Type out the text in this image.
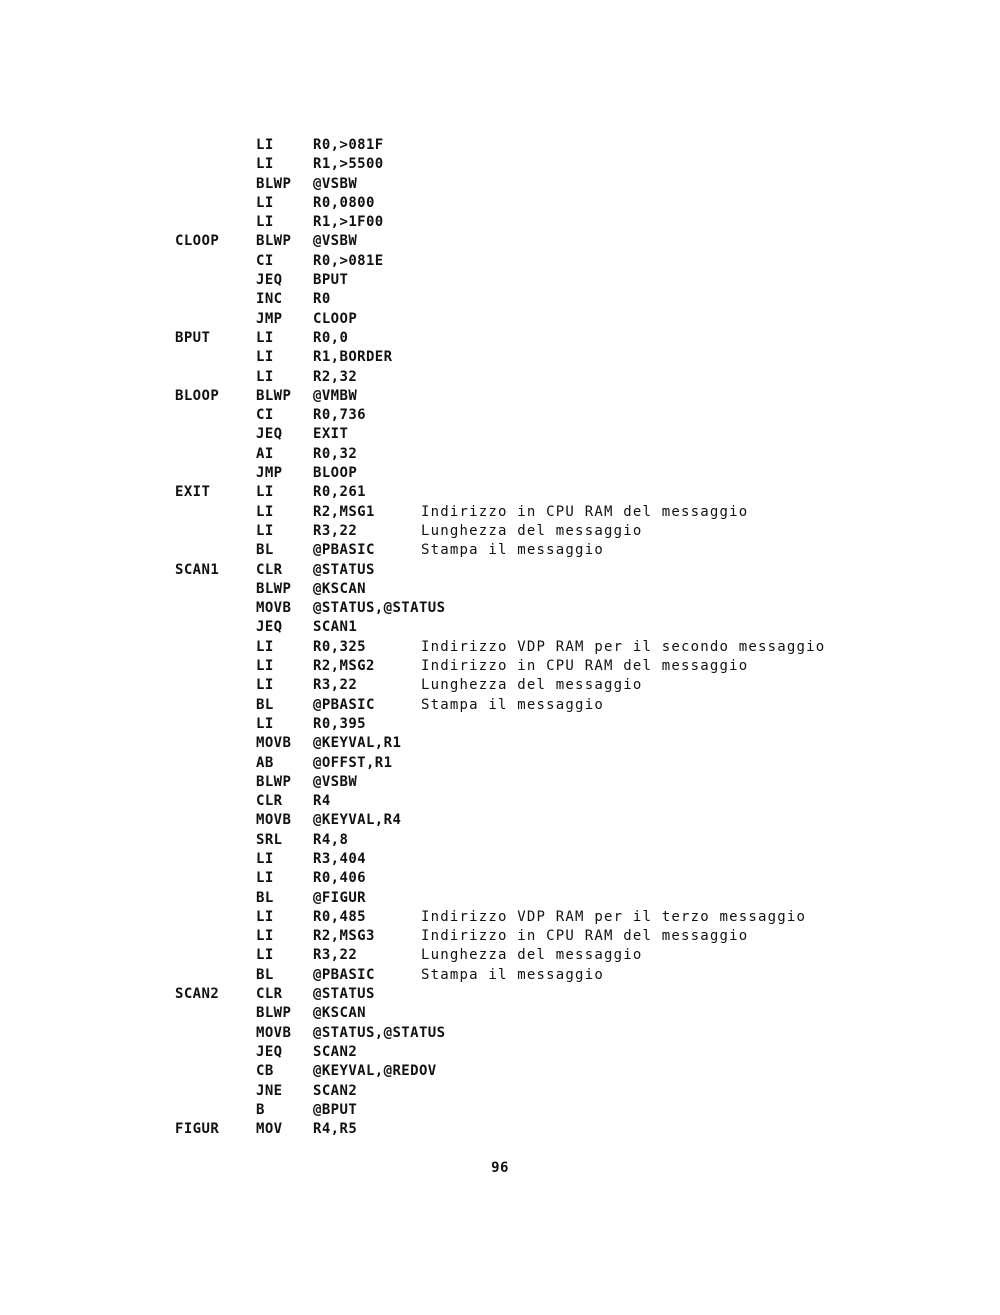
LI	R0,>081F
LI	R1,>5500
BLWP @VSBW
LI	R0,0800
LI	R1,>1F00
CLOOP	BLWP @VSBW
CI	R0,>081E
JEQ BPUT
INC R0
JMP CLOOP
BPUT	LI	R0,0
LI	R1,BORDER
LI	R2,32
BLOOP	BLWP @VMBW
CI	R0,736
JEQ EXIT
AI	R0,32
JMP BLOOP
EXIT	LI	R0,261
LI	R2,MSG1	Indirizzo in CPU RAM del messaggio
LI	R3,22	Lunghezza del messaggio
BL	@PBASIC	Stampa il messaggio
SCAN1	CLR @STATUS
BLWP @KSCAN
MOVB @STATUS,@STATUS
JEQ SCAN1
LI	R0,325	Indirizzo VDP RAM per il secondo messaggio
LI	R2,MSG2	Indirizzo in CPU RAM del messaggio
LI	R3,22	Lunghezza del messaggio
BL	@PBASIC	Stampa il messaggio
LI	R0,395
MOVB @KEYVAL,R1
AB	@OFFST,R1
BLWP @VSBW
CLR R4
MOVB @KEYVAL,R4
SRL R4,8
LI	R3,404
LI	R0,406
BL	@FIGUR
LI	R0,485	Indirizzo VDP RAM per il terzo messaggio
LI	R2,MSG3	Indirizzo in CPU RAM del messaggio
LI	R3,22	Lunghezza del messaggio
BL	@PBASIC	Stampa il messaggio
SCAN2	CLR @STATUS
BLWP @KSCAN
MOVB @STATUS,@STATUS
JEQ SCAN2
CB	@KEYVAL,@REDOV
JNE SCAN2
B	@BPUT
FIGUR	MOV R4,R5
96
